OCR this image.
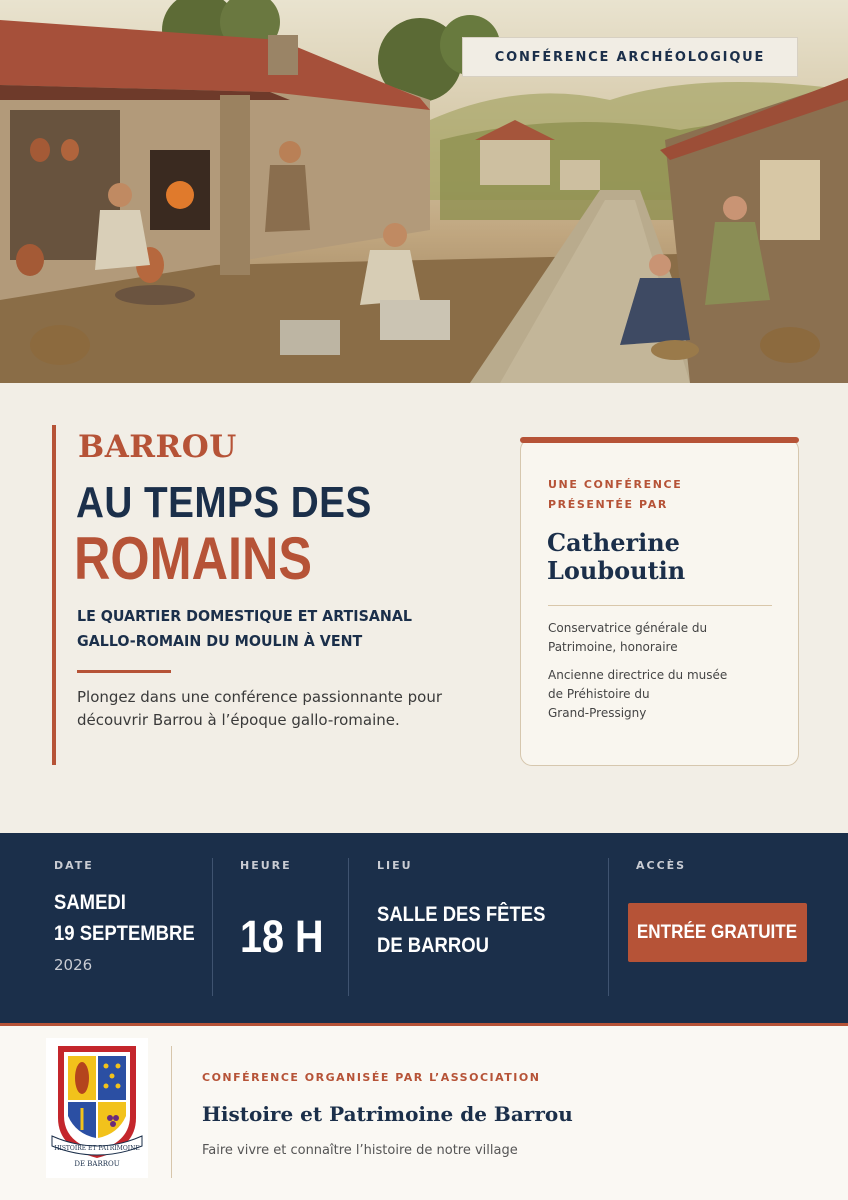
CONFÉRENCE ARCHÉOLOGIQUE
BARROU
AU TEMPS DES
ROMAINS
LE QUARTIER DOMESTIQUE ET ARTISANAL
GALLO-ROMAIN DU MOULIN À VENT
Plongez dans une conférence passionnante pour découvrir Barrou à l’époque gallo-romaine.
UNE CONFÉRENCE
PRÉSENTÉE PAR
Catherine
Louboutin
Conservatrice générale du
Patrimoine, honoraire
Ancienne directrice du musée
de Préhistoire du
Grand-Pressigny
DATE
SAMEDI
19 SEPTEMBRE
2026
HEURE
18 H
LIEU
SALLE DES FÊTES
DE BARROU
ACCÈS
ENTRÉE GRATUITE
HISTOIRE ET PATRIMOINE
DE BARROU
CONFÉRENCE ORGANISÉE PAR L’ASSOCIATION
Histoire et Patrimoine de Barrou
Faire vivre et connaître l’histoire de notre village
